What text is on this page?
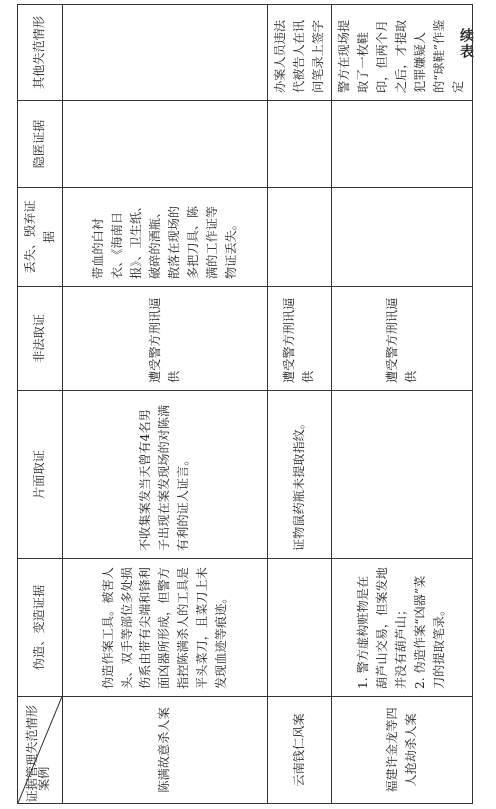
续表
证据管理失范情形
案例	伪造、变造证据	片面取证	非法取证	丢失、毁弃证据	隐匿证据	其他失范情形
陈满故意杀人案	伪造作案工具。被害人头、双手等部位多处损伤系由带有尖端和锋利面凶器所形成，但警方指控陈满杀人的工具是平头菜刀，且菜刀上未发现血迹等痕迹。	不收集案发当天曾有4名男子出现在案发现场的对陈满有利的证人证言。	遭受警方刑讯逼供	带血的白衬衣、《海南日报》、卫生纸、破碎的酒瓶、散落在现场的多把刀具、陈满的工作证等物证丢失。		
云南钱仁风案		证物鼠药瓶未提取指纹。	遭受警方刑讯逼供			办案人员违法代被告人在讯问笔录上签字
福建许金龙等四人抢劫杀人案	1. 警方虚构赃物是在葫芦山交易，但案发地并没有葫芦山；
2. 伪造作案“凶器”菜刀的提取笔录。		遭受警方刑讯逼供			警方在现场提取了一枚鞋印，但两个月之后，才提取犯罪嫌疑人的“球鞋”作鉴定
